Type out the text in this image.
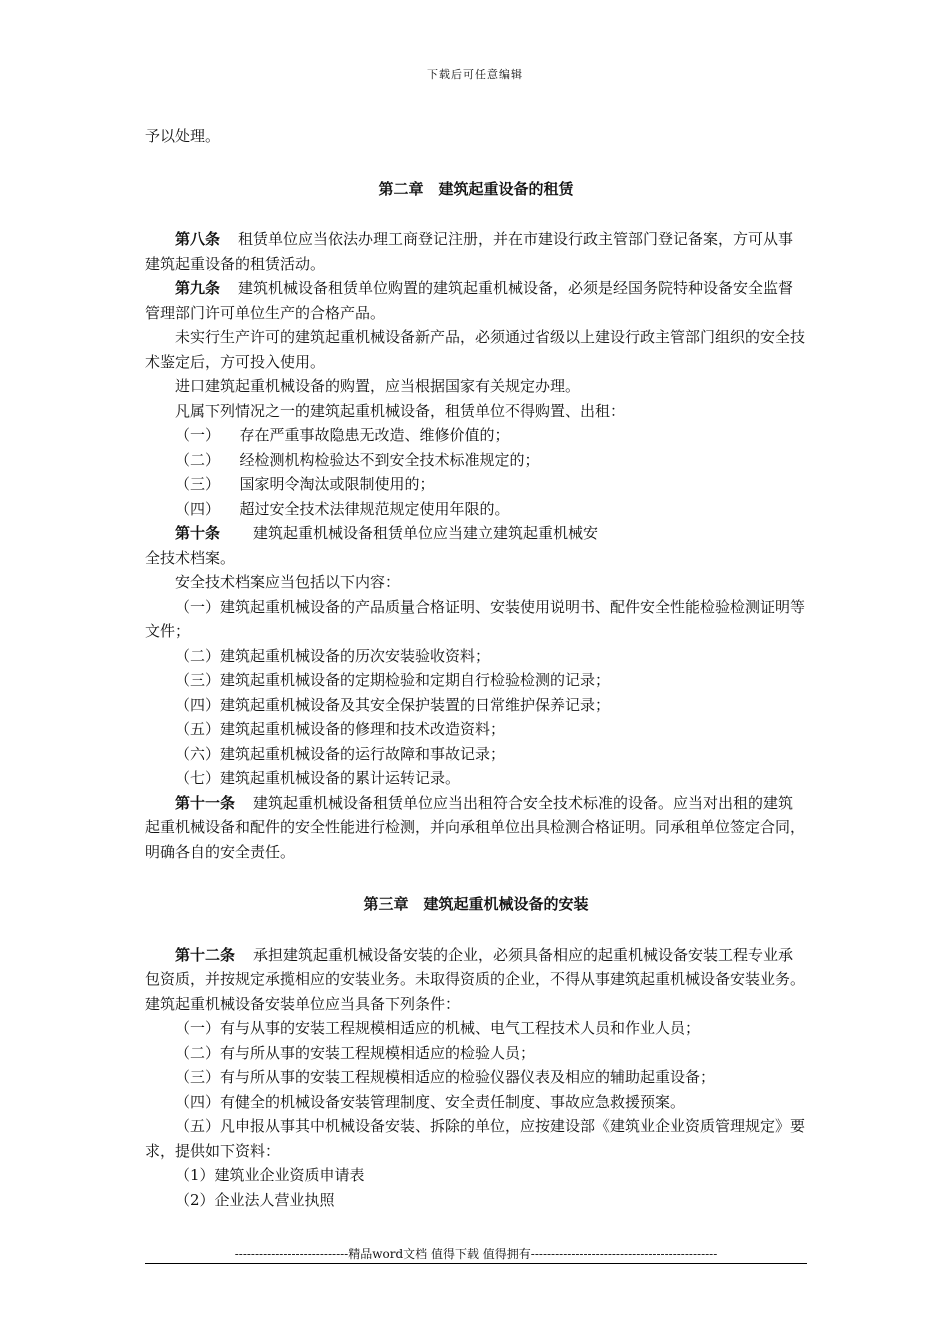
下载后可任意编辑

予以处理。

第二章　建筑起重设备的租赁

第八条 租赁单位应当依法办理工商登记注册，并在市建设行政主管部门登记备案，方可从事建筑起重设备的租赁活动。

第九条 建筑机械设备租赁单位购置的建筑起重机械设备，必须是经国务院特种设备安全监督管理部门许可单位生产的合格产品。

未实行生产许可的建筑起重机械设备新产品，必须通过省级以上建设行政主管部门组织的安全技术鉴定后，方可投入使用。

进口建筑起重机械设备的购置，应当根据国家有关规定办理。

凡属下列情况之一的建筑起重机械设备，租赁单位不得购置、出租：

（一） 存在严重事故隐患无改造、维修价值的；

（二） 经检测机构检验达不到安全技术标准规定的；

（三） 国家明令淘汰或限制使用的；

（四） 超过安全技术法律规范规定使用年限的。

第十条 建筑起重机械设备租赁单位应当建立建筑起重机械安

全技术档案。

安全技术档案应当包括以下内容：

（一）建筑起重机械设备的产品质量合格证明、安装使用说明书、配件安全性能检验检测证明等文件；

（二）建筑起重机械设备的历次安装验收资料；

（三）建筑起重机械设备的定期检验和定期自行检验检测的记录；

（四）建筑起重机械设备及其安全保护装置的日常维护保养记录；

（五）建筑起重机械设备的修理和技术改造资料；

（六）建筑起重机械设备的运行故障和事故记录；

（七）建筑起重机械设备的累计运转记录。

第十一条 建筑起重机械设备租赁单位应当出租符合安全技术标准的设备。应当对出租的建筑起重机械设备和配件的安全性能进行检测，并向承租单位出具检测合格证明。同承租单位签定合同，明确各自的安全责任。

第三章　建筑起重机械设备的安装

第十二条 承担建筑起重机械设备安装的企业，必须具备相应的起重机械设备安装工程专业承包资质，并按规定承揽相应的安装业务。未取得资质的企业，不得从事建筑起重机械设备安装业务。建筑起重机械设备安装单位应当具备下列条件：

（一）有与从事的安装工程规模相适应的机械、电气工程技术人员和作业人员；

（二）有与所从事的安装工程规模相适应的检验人员；

（三）有与所从事的安装工程规模相适应的检验仪器仪表及相应的辅助起重设备；

（四）有健全的机械设备安装管理制度、安全责任制度、事故应急救援预案。

（五）凡申报从事其中机械设备安装、拆除的单位，应按建设部《建筑业企业资质管理规定》要求，提供如下资料：

（1）建筑业企业资质申请表

（2）企业法人营业执照

----------------------------精品word文档 值得下载 值得拥有----------------------------------------------
